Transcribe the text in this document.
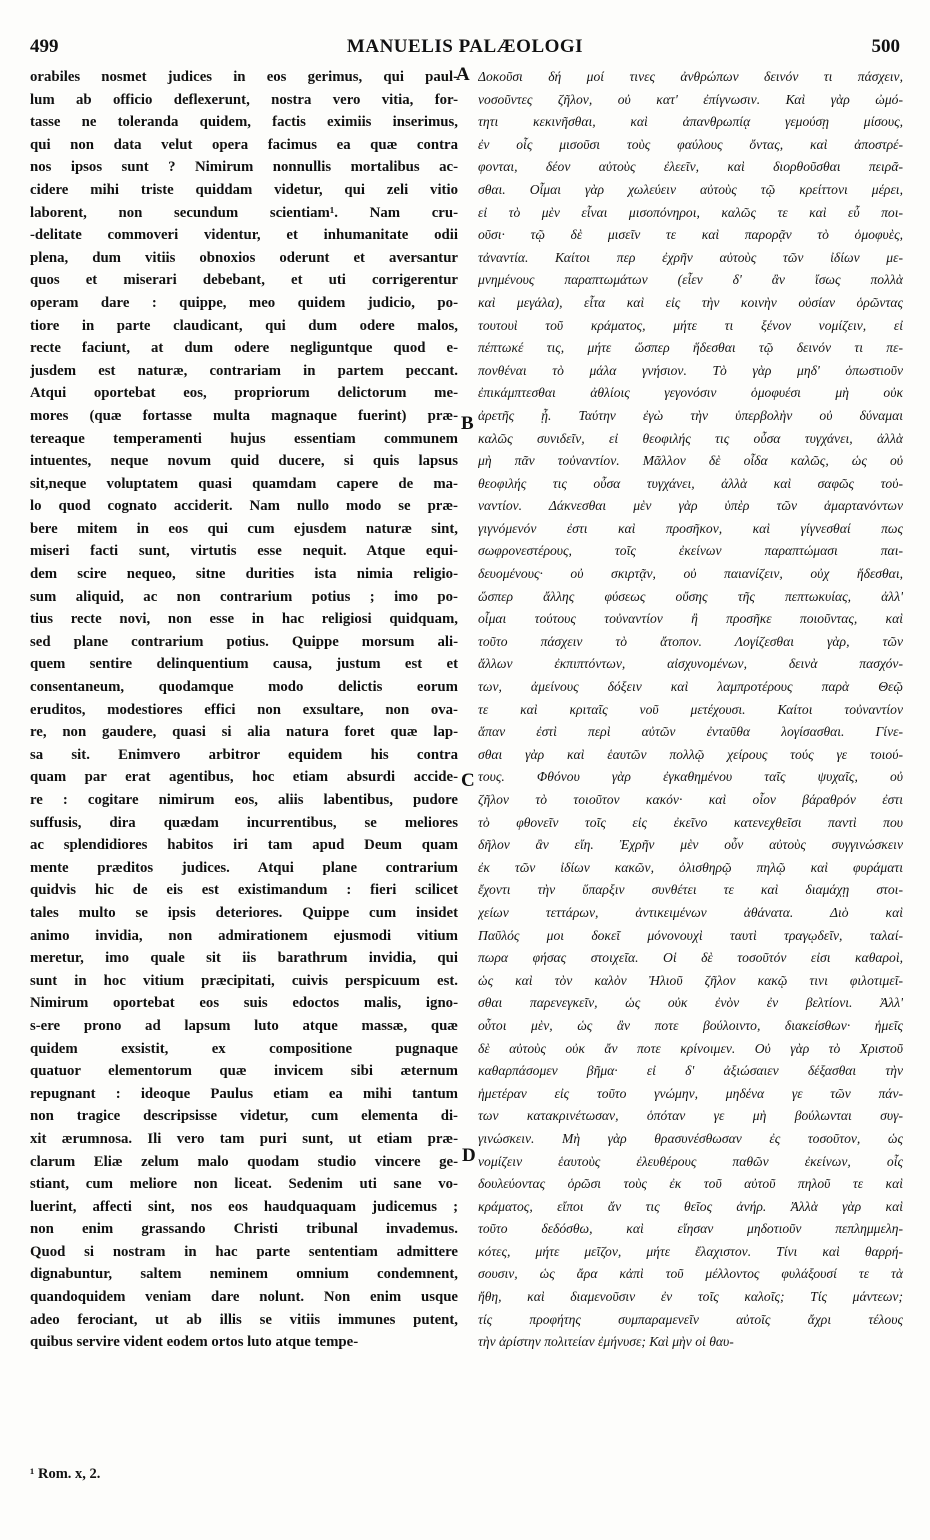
499	MANUELIS PALÆOLOGI	500
orabiles nosmet judices in eos gerimus, qui paul-
lum ab officio deflexerunt, nostra vero vitia, for-
tasse ne toleranda quidem, factis eximiis inserimus,
qui non data velut opera facimus ea quæ contra
nos ipsos sunt ? Nimirum nonnullis mortalibus ac-
cidere mihi triste quiddam videtur, qui zeli vitio
laborent, non secundum scientiam¹. Nam cru-
-delitate commoveri videntur, et inhumanitate odii
plena, dum vitiis obnoxios oderunt et aversantur
quos et miserari debebant, et uti corrigerentur
operam dare : quippe, meo quidem judicio, po-
tiore in parte claudicant, qui dum odere malos,
recte faciunt, at dum odere negliguntque quod e-
jusdem est naturæ, contrariam in partem peccant.
Atqui oportebat eos, propriorum delictorum me-
mores (quæ fortasse multa magnaque fuerint) præ-
tereaque temperamenti hujus essentiam communem
intuentes, neque novum quid ducere, si quis lapsus
sit,neque voluptatem quasi quamdam capere de ma-
lo quod cognato acciderit. Nam nullo modo se præ-
bere mitem in eos qui cum ejusdem naturæ sint,
miseri facti sunt, virtutis esse nequit. Atque equi-
dem scire nequeo, sitne durities ista nimia religio-
sum aliquid, ac non contrarium potius ; imo po-
tius recte novi, non esse in hac religiosi quidquam,
sed plane contrarium potius. Quippe morsum ali-
quem sentire delinquentium causa, justum est et
consentaneum, quodamque modo delictis eorum
eruditos, modestiores effici non exsultare, non ova-
re, non gaudere, quasi si alia natura foret quæ lap-
sa sit. Enimvero arbitror equidem his contra
quam par erat agentibus, hoc etiam absurdi accide-
re : cogitare nimirum eos, aliis labentibus, pudore
suffusis, dira quædam incurrentibus, se meliores
ac splendidiores habitos iri tam apud Deum quam
mente præditos judices. Atqui plane contrarium
quidvis hic de eis est existimandum : fieri scilicet
tales multo se ipsis deteriores. Quippe cum insidet
animo invidia, non admirationem ejusmodi vitium
meretur, imo quale sit iis barathrum invidia, qui
sunt in hoc vitium præcipitati, cuivis perspicuum est.
Nimirum oportebat eos suis edoctos malis, igno-
s-ere prono ad lapsum luto atque massæ, quæ
quidem exsistit, ex compositione pugnaque
quatuor elementorum quæ invicem sibi æternum
repugnant : ideoque Paulus etiam ea mihi tantum
non tragice descripsisse videtur, cum elementa di-
xit ærumnosa. Ili vero tam puri sunt, ut etiam præ-
clarum Eliæ zelum malo quodam studio vincere ge-
stiant, cum meliore non liceat. Sedenim uti sane vo-
luerint, affecti sint, nos eos haudquaquam judicemus ;
non enim grassando Christi tribunal invademus.
Quod si nostram in hac parte sententiam admittere
dignabuntur, saltem neminem omnium condemnent,
quandoquidem veniam dare nolunt. Non enim usque
adeo ferociant, ut ab illis se vitiis immunes putent,
quibus servire vident eodem ortos luto atque tempe-
Δοκοῦσι δή μοί τινες ἀνθρώπων δεινόν τι πάσχειν,
νοσοῦντες ζῆλον, οὐ κατ' ἐπίγνωσιν. Καὶ γὰρ ὠμό-
τητι κεκινῆσθαι, καὶ ἀπανθρωπίᾳ γεμούσῃ μίσους,
ἐν οἷς μισοῦσι τοὺς φαύλους ὄντας, καὶ ἀποστρέ-
φονται, δέον αὐτοὺς ἐλεεῖν, καὶ διορθοῦσθαι πειρᾶ-
σθαι. Οἶμαι γὰρ χωλεύειν αὐτοὺς τῷ κρείττονι μέρει,
εἰ τὸ μὲν εἶναι μισοπόνηροι, καλῶς τε καὶ εὖ ποι-
οῦσι· τῷ δὲ μισεῖν τε καὶ παρορᾷν τὸ ὁμοφυὲς,
τἀναντία. Καίτοι περ ἐχρῆν αὐτοὺς τῶν ἰδίων με-
μνημένους παραπτωμάτων (εἶεν δ' ἂν ἴσως πολλὰ
καὶ μεγάλα), εἶτα καὶ εἰς τὴν κοινὴν οὐσίαν ὁρῶντας
τουτουὶ τοῦ κράματος, μήτε τι ξένον νομίζειν, εἰ
πέπτωκέ τις, μήτε ὥσπερ ἥδεσθαι τῷ δεινόν τι πε-
πονθέναι τὸ μάλα γνήσιον. Τὸ γὰρ μηδ' ὁπωστιοῦν
ἐπικάμπτεσθαι ἀθλίοις γεγονόσιν ὁμοφυέσι μὴ οὐκ
ἀρετῆς ᾖ. Ταύτην ἐγὼ τὴν ὑπερβολὴν οὐ δύναμαι
καλῶς συνιδεῖν, εἰ θεοφιλής τις οὖσα τυγχάνει, ἀλλὰ
μὴ πᾶν τοὐναντίον. Μᾶλλον δὲ οἶδα καλῶς, ὡς οὐ
θεοφιλής τις οὖσα τυγχάνει, ἀλλὰ καὶ σαφῶς τοὐ-
ναντίον. Δάκνεσθαι μὲν γὰρ ὑπὲρ τῶν ἁμαρτανόντων
γιγνόμενόν ἐστι καὶ προσῆκον, καὶ γίγνεσθαί πως
σωφρονεστέρους, τοῖς ἐκείνων παραπτώμασι παι-
δευομένους· οὐ σκιρτᾷν, οὐ παιανίζειν, οὐχ ἥδεσθαι,
ὥσπερ ἄλλης φύσεως οὔσης τῆς πεπτωκυίας, ἀλλ'
οἶμαι τούτους τοὐναντίον ἢ προσῆκε ποιοῦντας, καὶ
τοῦτο πάσχειν τὸ ἄτοπον. Λογίζεσθαι γὰρ, τῶν
ἄλλων ἐκπιπτόντων, αἰσχυνομένων, δεινὰ πασχόν-
των, ἀμείνους δόξειν καὶ λαμπροτέρους παρὰ Θεῷ
τε καὶ κριταῖς νοῦ μετέχουσι. Καίτοι τοὐναντίον
ἅπαν ἐστὶ περὶ αὐτῶν ἐνταῦθα λογίσασθαι. Γίνε-
σθαι γὰρ καὶ ἑαυτῶν πολλῷ χείρους τούς γε τοιού-
τους. Φθόνου γὰρ ἐγκαθημένου ταῖς ψυχαῖς, οὐ
ζῆλον τὸ τοιοῦτον κακόν· καὶ οἷον βάραθρόν ἐστι
τὸ φθονεῖν τοῖς εἰς ἐκεῖνο κατενεχθεῖσι παντὶ που
δῆλον ἂν εἴη. Ἐχρῆν μὲν οὖν αὐτοὺς συγγινώσκειν
ἐκ τῶν ἰδίων κακῶν, ὀλισθηρῷ πηλῷ καὶ φυράματι
ἔχοντι τὴν ὕπαρξιν συνθέτει τε καὶ διαμάχῃ στοι-
χείων τεττάρων, ἀντικειμένων ἀθάνατα. Διὸ καὶ
Παῦλός μοι δοκεῖ μόνονουχὶ ταυτὶ τραγῳδεῖν, ταλαί-
πωρα φήσας στοιχεῖα. Οἱ δὲ τοσοῦτόν εἰσι καθαροὶ,
ὡς καὶ τὸν καλὸν Ἠλιοῦ ζῆλον κακῷ τινι φιλοτιμεῖ-
σθαι παρενεγκεῖν, ὡς οὐκ ἐνὸν ἐν βελτίονι. Ἀλλ'
οὗτοι μὲν, ὡς ἂν ποτε βούλοιντο, διακείσθων· ἡμεῖς
δὲ αὐτοὺς οὐκ ἄν ποτε κρίνοιμεν. Οὐ γὰρ τὸ Χριστοῦ
καθαρπάσομεν βῆμα· εἰ δ' ἀξιώσαιεν δέξασθαι τὴν
ἡμετέραν εἰς τοῦτο γνώμην, μηδένα γε τῶν πάν-
των κατακρινέτωσαν, ὁπόταν γε μὴ βούλωνται συγ-
γινώσκειν. Μὴ γὰρ θρασυνέσθωσαν ἐς τοσοῦτον, ὡς
νομίζειν ἑαυτοὺς ἐλευθέρους παθῶν ἐκείνων, οἷς
δουλεύοντας ὁρῶσι τοὺς ἐκ τοῦ αὐτοῦ πηλοῦ τε καὶ
κράματος, εἴποι ἄν τις θεῖος ἀνήρ. Ἀλλὰ γὰρ καὶ
τοῦτο δεδόσθω, καὶ εἴησαν μηδοτιοῦν πεπλημμελη-
κότες, μήτε μεῖζον, μήτε ἔλαχιστον. Τίνι καὶ θαρρή-
σουσιν, ὡς ἄρα κἀπὶ τοῦ μέλλοντος φυλάξουσί τε τὰ
ἤθη, καὶ διαμενοῦσιν ἐν τοῖς καλοῖς; Τίς μάντεων;
τίς προφήτης συμπαραμενεῖν αὐτοῖς ἄχρι τέλους
τὴν ἀρίστην πολιτείαν ἐμήνυσε; Καὶ μὴν οἱ θαυ-
A
B
C
D
¹ Rom. x, 2.
